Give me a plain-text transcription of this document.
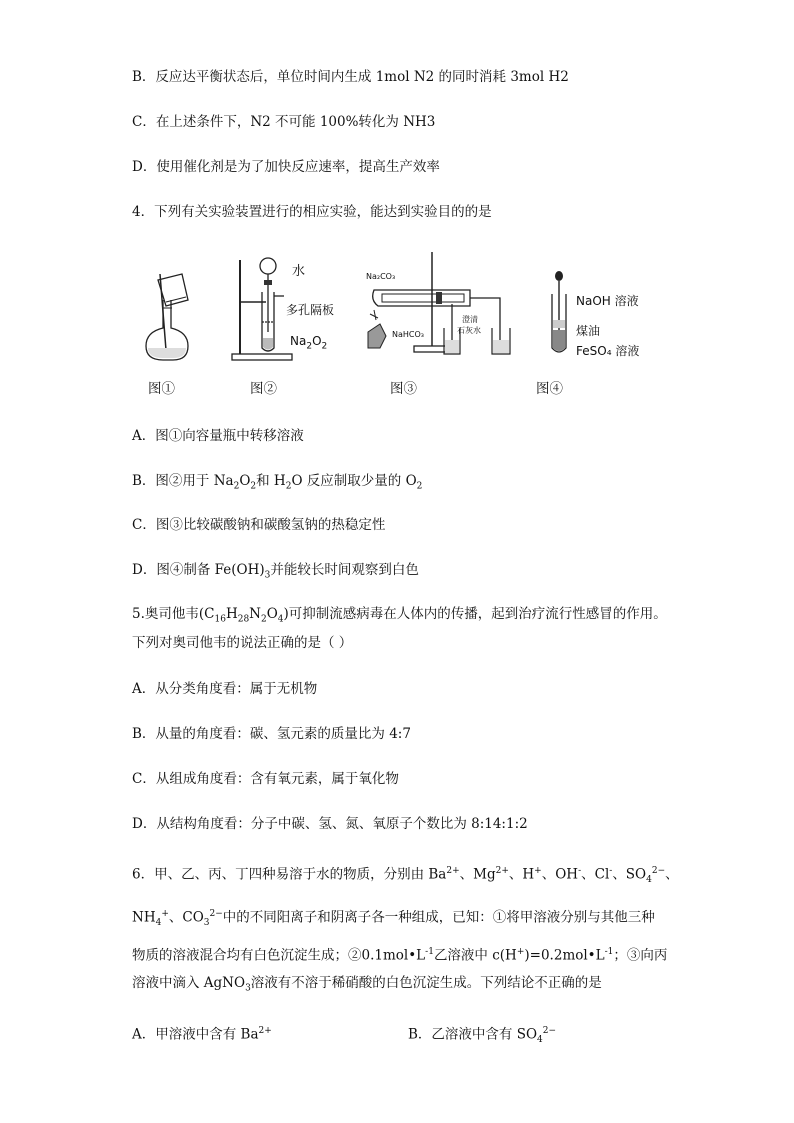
B．反应达平衡状态后，单位时间内生成 1mol N2 的同时消耗 3mol H2
C．在上述条件下，N2 不可能 100%转化为 NH3
D．使用催化剂是为了加快反应速率，提高生产效率
4．下列有关实验装置进行的相应实验，能达到实验目的的是
图①
水
多孔隔板
$Na_2O_2$
图②
Na₂CO₃
NaHCO₃
澄清
石灰水
图③
NaOH 溶液
煤油
FeSO₄ 溶液
图④
A．图①向容量瓶中转移溶液
B．图②用于 $Na_2O_2$和 $H_2O$ 反应制取少量的 $O_2$
C．图③比较碳酸钠和碳酸氢钠的热稳定性
D．图④制备 $Fe(OH)_3$并能较长时间观察到白色
5.奥司他韦$(C_{16}H_{28}N_2O_4)$可抑制流感病毒在人体内的传播，起到治疗流行性感冒的作用。
下列对奥司他韦的说法正确的是（ ）
A．从分类角度看：属于无机物
B．从量的角度看：碳、氢元素的质量比为 4:7
C．从组成角度看：含有氧元素，属于氧化物
D．从结构角度看：分子中碳、氢、氮、氧原子个数比为 8:14:1:2
6．甲、乙、丙、丁四种易溶于水的物质，分别由 $Ba^{2+}$、$Mg^{2+}$、H+、OH-、Cl-、$SO_4^{2-}$、
$NH_4^+$、$CO_3^{2-}$中的不同阳离子和阴离子各一种组成，已知：①将甲溶液分别与其他三种
物质的溶液混合均有白色沉淀生成；$②0.1mol•L^{-1}$乙溶液中 $c(H^+)=0.2mol•L^{-1}$；③向丙
溶液中滴入 AgNO$_3$溶液有不溶于稀硝酸的白色沉淀生成。下列结论不正确的是
A．甲溶液中含有 $Ba^{2+}$	B．乙溶液中含有 $SO_4^{2-}$
